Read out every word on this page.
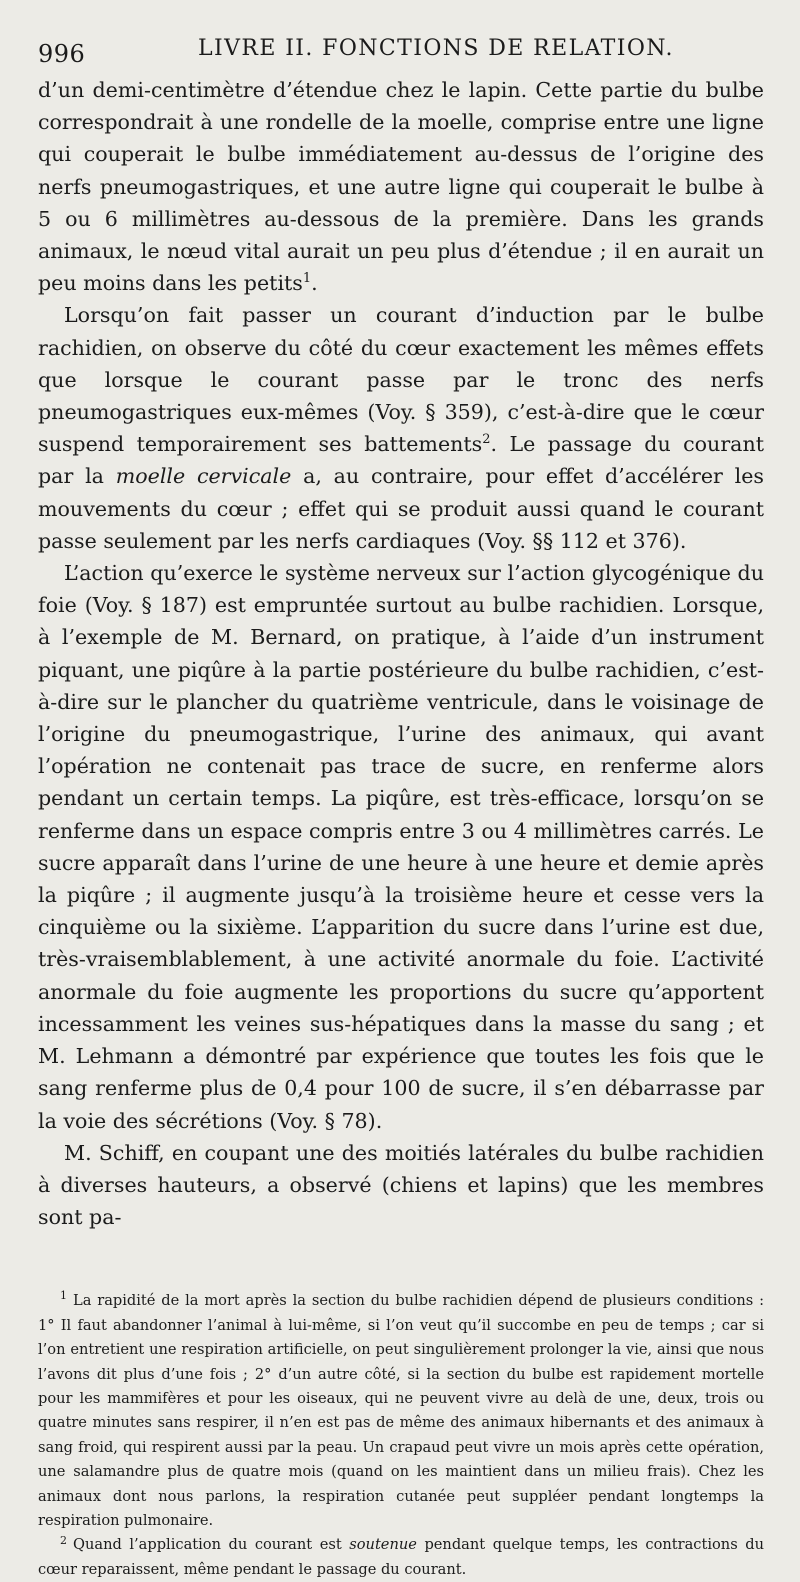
996	LIVRE II. FONCTIONS DE RELATION.

d’un demi-centimètre d’étendue chez le lapin. Cette partie du bulbe correspondrait à une rondelle de la moelle, comprise entre une ligne qui couperait le bulbe immédiatement au-dessus de l’origine des nerfs pneumogastriques, et une autre ligne qui couperait le bulbe à 5 ou 6 millimètres au-dessous de la première. Dans les grands animaux, le nœud vital aurait un peu plus d’étendue ; il en aurait un peu moins dans les petits$^1$.

Lorsqu’on fait passer un courant d’induction par le bulbe rachidien, on observe du côté du cœur exactement les mêmes effets que lorsque le courant passe par le tronc des nerfs pneumogastriques eux-mêmes (Voy. § 359), c’est-à-dire que le cœur suspend temporairement ses battements$^2$. Le passage du courant par la moelle cervicale a, au contraire, pour effet d’accélérer les mouvements du cœur ; effet qui se produit aussi quand le courant passe seulement par les nerfs cardiaques (Voy. §§ 112 et 376).

L’action qu’exerce le système nerveux sur l’action glycogénique du foie (Voy. § 187) est empruntée surtout au bulbe rachidien. Lorsque, à l’exemple de M. Bernard, on pratique, à l’aide d’un instrument piquant, une piqûre à la partie postérieure du bulbe rachidien, c’est-à-dire sur le plancher du quatrième ventricule, dans le voisinage de l’origine du pneumogastrique, l’urine des animaux, qui avant l’opération ne contenait pas trace de sucre, en renferme alors pendant un certain temps. La piqûre, est très-efficace, lorsqu’on se renferme dans un espace compris entre 3 ou 4 millimètres carrés. Le sucre apparaît dans l’urine de une heure à une heure et demie après la piqûre ; il augmente jusqu’à la troisième heure et cesse vers la cinquième ou la sixième. L’apparition du sucre dans l’urine est due, très-vraisemblablement, à une activité anormale du foie. L’activité anormale du foie augmente les proportions du sucre qu’apportent incessamment les veines sus-hépatiques dans la masse du sang ; et M. Lehmann a démontré par expérience que toutes les fois que le sang renferme plus de 0,4 pour 100 de sucre, il s’en débarrasse par la voie des sécrétions (Voy. § 78).

M. Schiff, en coupant une des moitiés latérales du bulbe rachidien à diverses hauteurs, a observé (chiens et lapins) que les membres sont pa-

$^1$ La rapidité de la mort après la section du bulbe rachidien dépend de plusieurs conditions : 1° Il faut abandonner l’animal à lui-même, si l’on veut qu’il succombe en peu de temps ; car si l’on entretient une respiration artificielle, on peut singulièrement prolonger la vie, ainsi que nous l’avons dit plus d’une fois ; 2° d’un autre côté, si la section du bulbe est rapidement mortelle pour les mammifères et pour les oiseaux, qui ne peuvent vivre au delà de une, deux, trois ou quatre minutes sans respirer, il n’en est pas de même des animaux hibernants et des animaux à sang froid, qui respirent aussi par la peau. Un crapaud peut vivre un mois après cette opération, une salamandre plus de quatre mois (quand on les maintient dans un milieu frais). Chez les animaux dont nous parlons, la respiration cutanée peut suppléer pendant longtemps la respiration pulmonaire.

$^2$ Quand l’application du courant est soutenue pendant quelque temps, les contractions du cœur reparaissent, même pendant le passage du courant.
